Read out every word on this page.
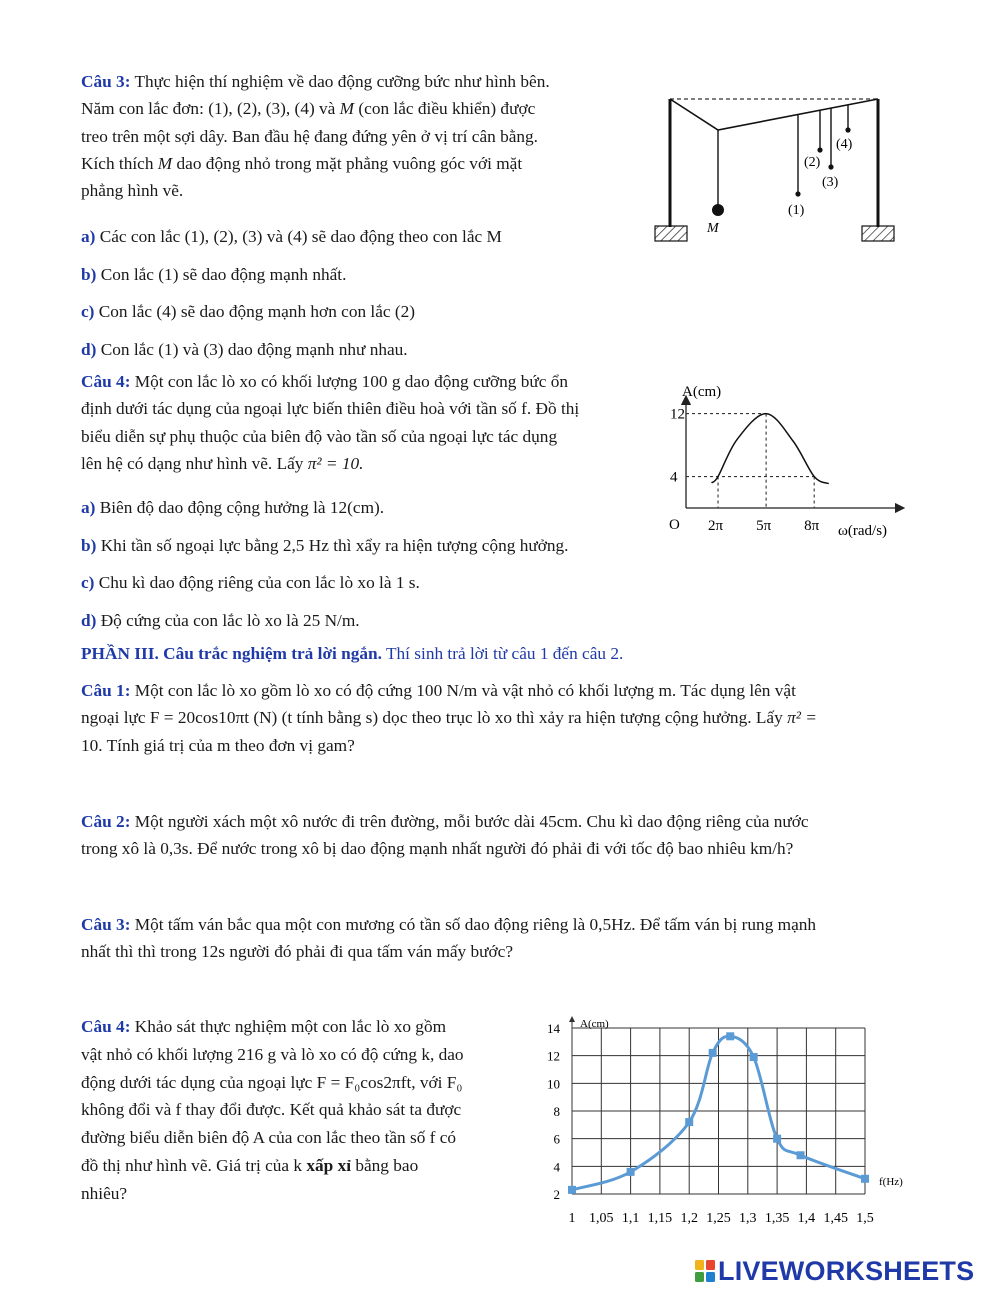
Câu 3: Thực hiện thí nghiệm về dao động cưỡng bức như hình bên.

Năm con lắc đơn: (1), (2), (3), (4) và M (con lắc điều khiển) được

treo trên một sợi dây. Ban đầu hệ đang đứng yên ở vị trí cân bằng.

Kích thích M dao động nhỏ trong mặt phẳng vuông góc với mặt

phẳng hình vẽ.

a) Các con lắc (1), (2), (3) và (4) sẽ dao động theo con lắc M

b) Con lắc (1) sẽ dao động mạnh nhất.

c) Con lắc (4) sẽ dao động mạnh hơn con lắc (2)

d) Con lắc (1) và (3) dao động mạnh như nhau.

M
(1)
(2)
(3)
(4)

Câu 4: Một con lắc lò xo có khối lượng 100 g dao động cưỡng bức ổn

định dưới tác dụng của ngoại lực biến thiên điều hoà với tần số f. Đồ thị

biểu diễn sự phụ thuộc của biên độ vào tần số của ngoại lực tác dụng

lên hệ có dạng như hình vẽ. Lấy π² = 10.

a) Biên độ dao động cộng hưởng là 12(cm).

b) Khi tần số ngoại lực bằng 2,5 Hz thì xẩy ra hiện tượng cộng hưởng.

c) Chu kì dao động riêng của con lắc lò xo là 1 s.

d) Độ cứng của con lắc lò xo là 25 N/m.

A(cm)
ω(rad/s)
O
4
12
2π 5π 8π
PHẦN III. Câu trắc nghiệm trả lời ngắn. Thí sinh trả lời từ câu 1 đến câu 2.

Câu 1: Một con lắc lò xo gồm lò xo có độ cứng 100 N/m và vật nhỏ có khối lượng m. Tác dụng lên vật

ngoại lực F = 20cos10πt (N) (t tính bằng s) dọc theo trục lò xo thì xảy ra hiện tượng cộng hưởng. Lấy π² =

10. Tính giá trị của m theo đơn vị gam?

Câu 2: Một người xách một xô nước đi trên đường, mỗi bước dài 45cm. Chu kì dao động riêng của nước

trong xô là 0,3s. Để nước trong xô bị dao động mạnh nhất người đó phải đi với tốc độ bao nhiêu km/h?

Câu 3: Một tấm ván bắc qua một con mương có tần số dao động riêng là 0,5Hz. Để tấm ván bị rung mạnh

nhất thì thì trong 12s người đó phải đi qua tấm ván mấy bước?

Câu 4: Khảo sát thực nghiệm một con lắc lò xo gồm

vật nhỏ có khối lượng 216 g và lò xo có độ cứng k, dao

động dưới tác dụng của ngoại lực F = F₀cos2πft, với F₀

không đổi và f thay đổi được. Kết quả khảo sát ta được

đường biểu diễn biên độ A của con lắc theo tần số f có

đồ thị như hình vẽ. Giá trị của k xấp xỉ bằng bao

nhiêu?

1 1,05 1,1 1,15 1,2 1,25 1,3 1,35 1,4 1,45 1,5
2
4
6
8
10
12
14 A(cm)
f(Hz)
LIVEWORKSHEETS
